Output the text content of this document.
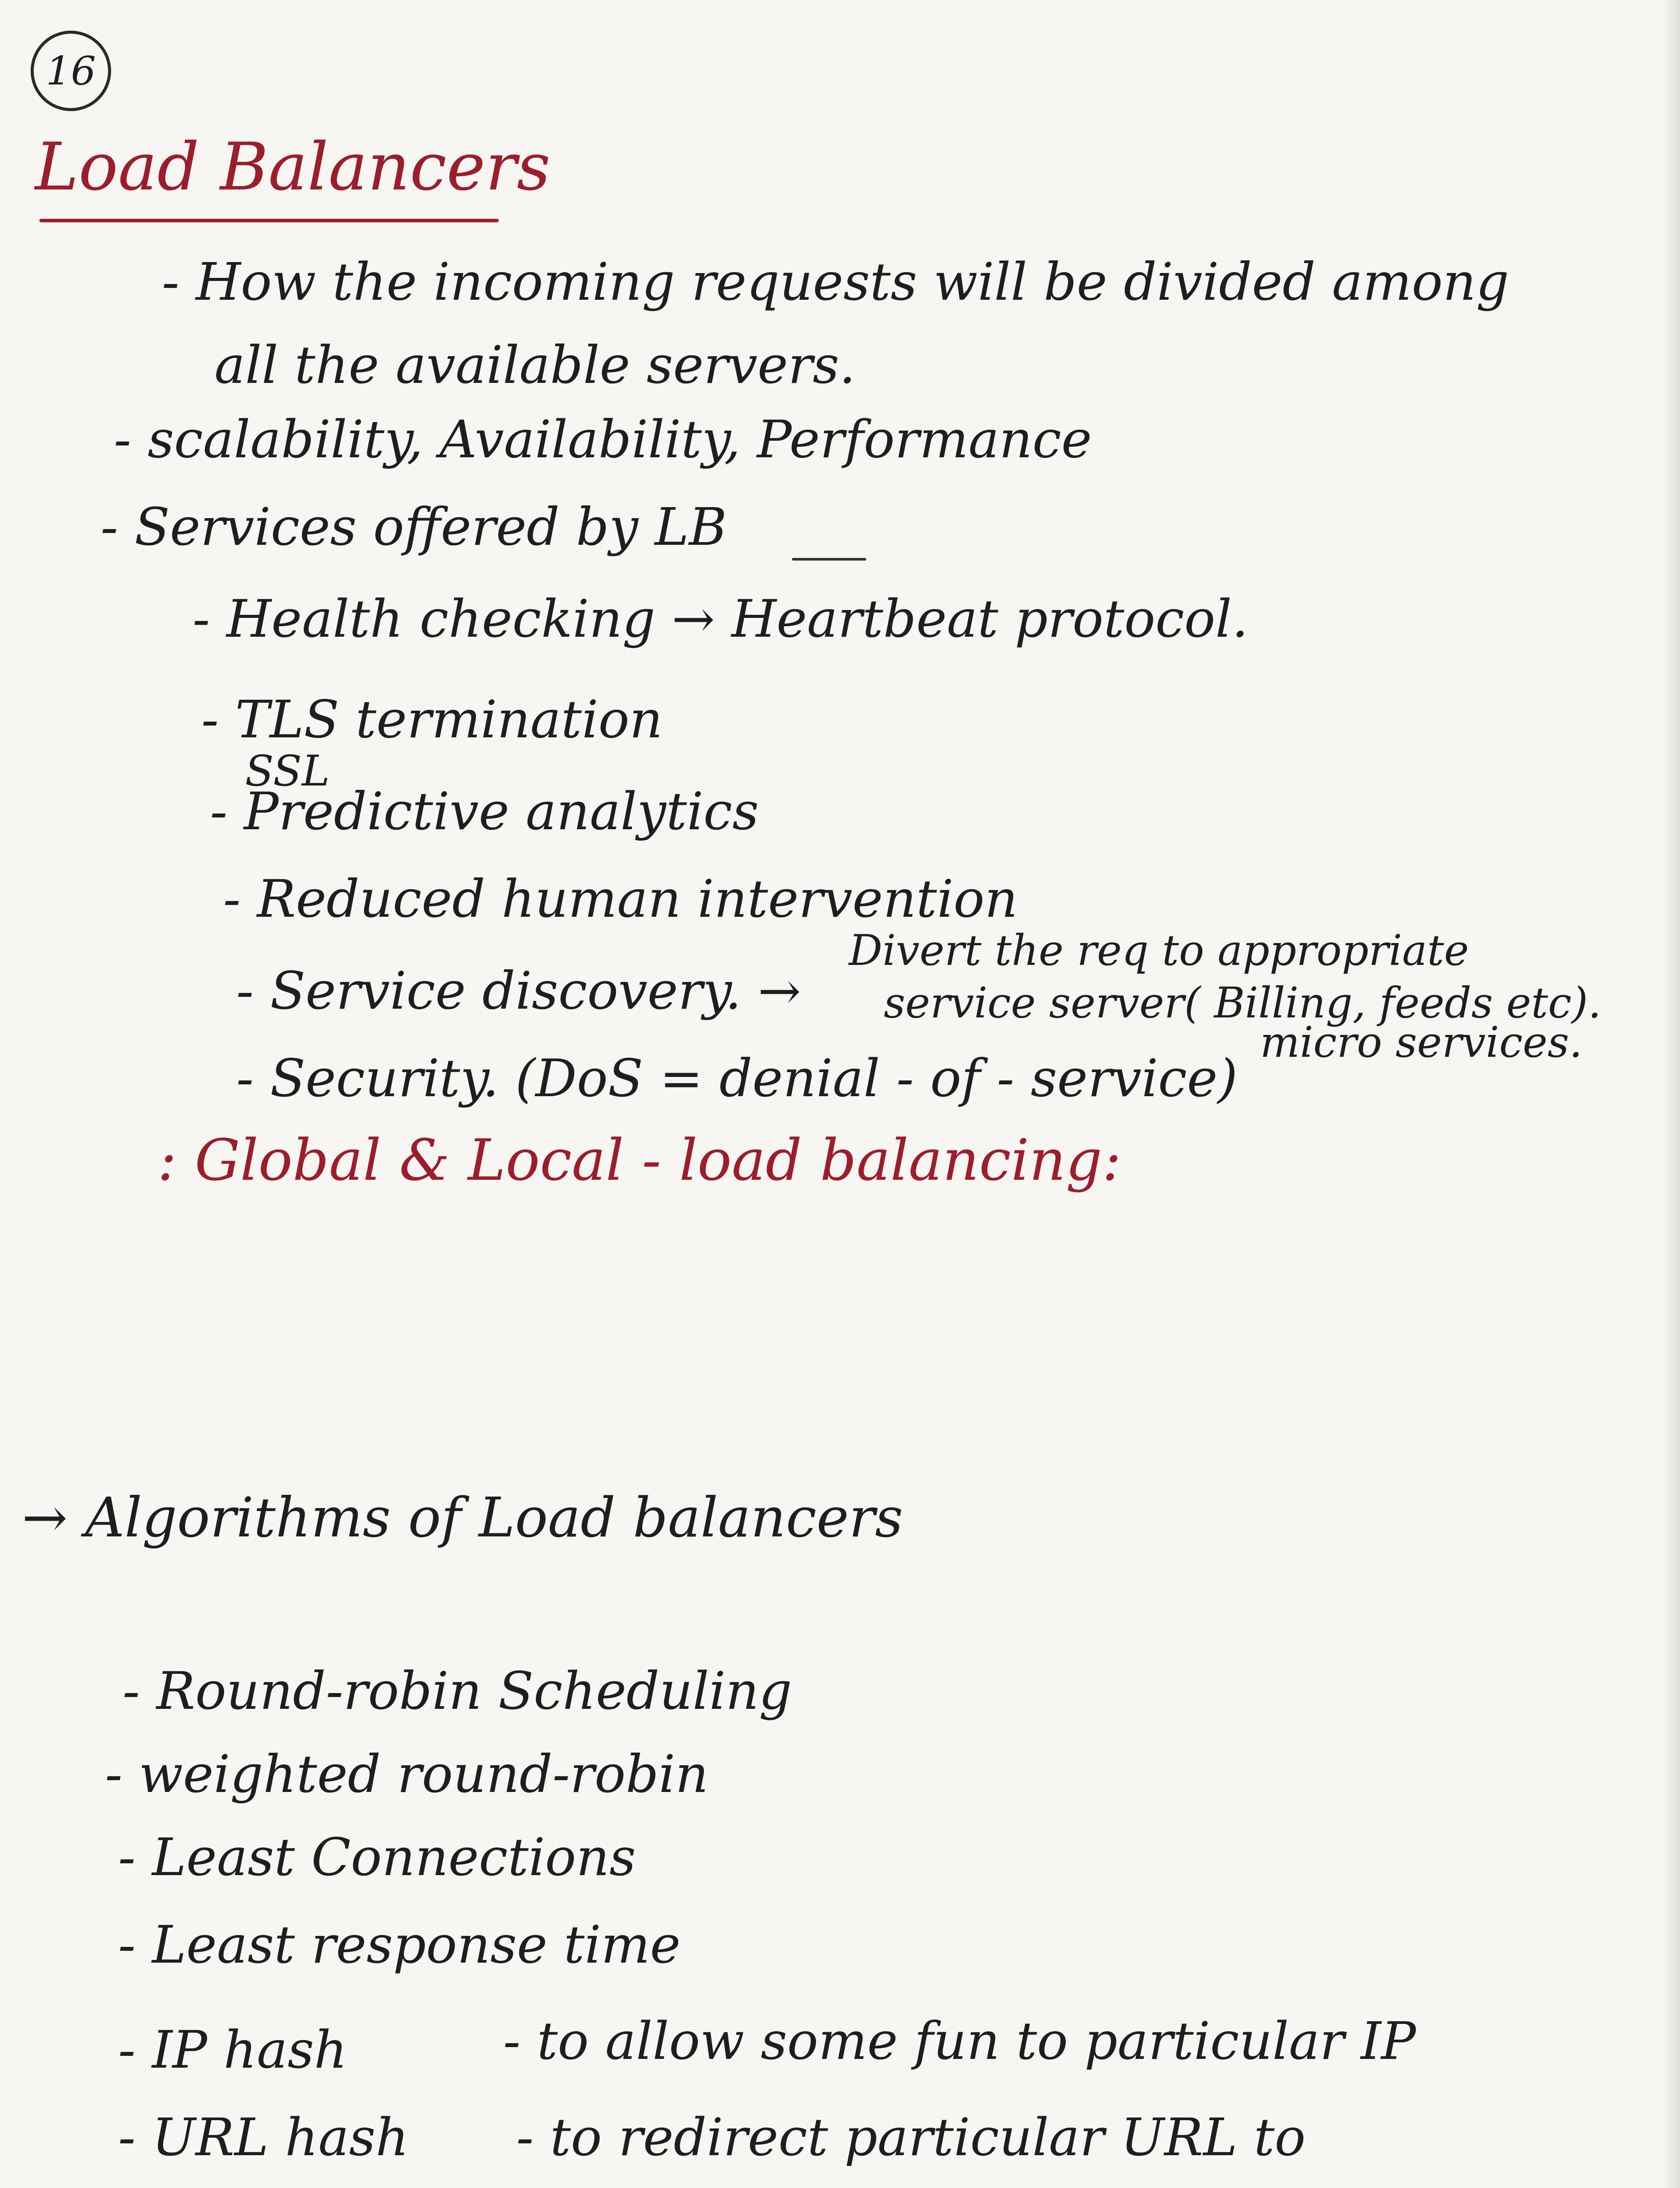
16
Load Balancers
- How the incoming requests will be divided among
all the available servers.
- scalability, Availability, Performance
- Services offered by LB
- Health checking → Heartbeat protocol.
- TLS termination
SSL
- Predictive analytics
- Reduced human intervention
- Service discovery. →
Divert the req to appropriate
service server( Billing, feeds etc).
micro services.
- Security. (DoS = denial - of - service)
: Global & Local - load balancing:
→ Algorithms of Load balancers
- Round-robin Scheduling
- weighted round-robin
- Least Connections
- Least response time
- IP hash	- to allow some fun to particular IP
- URL hash - to redirect particular URL to
